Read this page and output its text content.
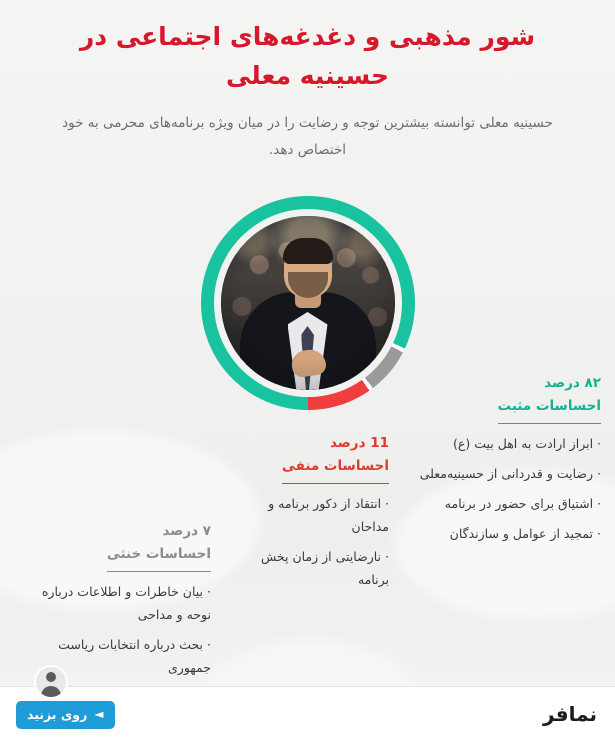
شور مذهبی و دغدغه‌های اجتماعی در حسینیه معلی
حسینیه معلی توانسته بیشترین توجه و رضایت را در میان ویژه برنامه‌های محرمی به خود اختصاص دهد.
۸۲ درصد
احساسات مثبت
· ابراز ارادت به اهل بیت (ع)
· رضایت و قدردانی از حسینیه‌معلی
· اشتیاق برای حضور در برنامه
· تمجید از عوامل و سازندگان
11 درصد
احساسات منفی
· انتقاد از دکور برنامه و مداحان
· نارضایتی از زمان پخش برنامه
۷ درصد
احساسات خنثی
· بیان خاطرات و اطلاعات درباره نوحه و مداحی
· بحث درباره انتخابات ریاست جمهوری
نمافر
◄
روی بزنید
